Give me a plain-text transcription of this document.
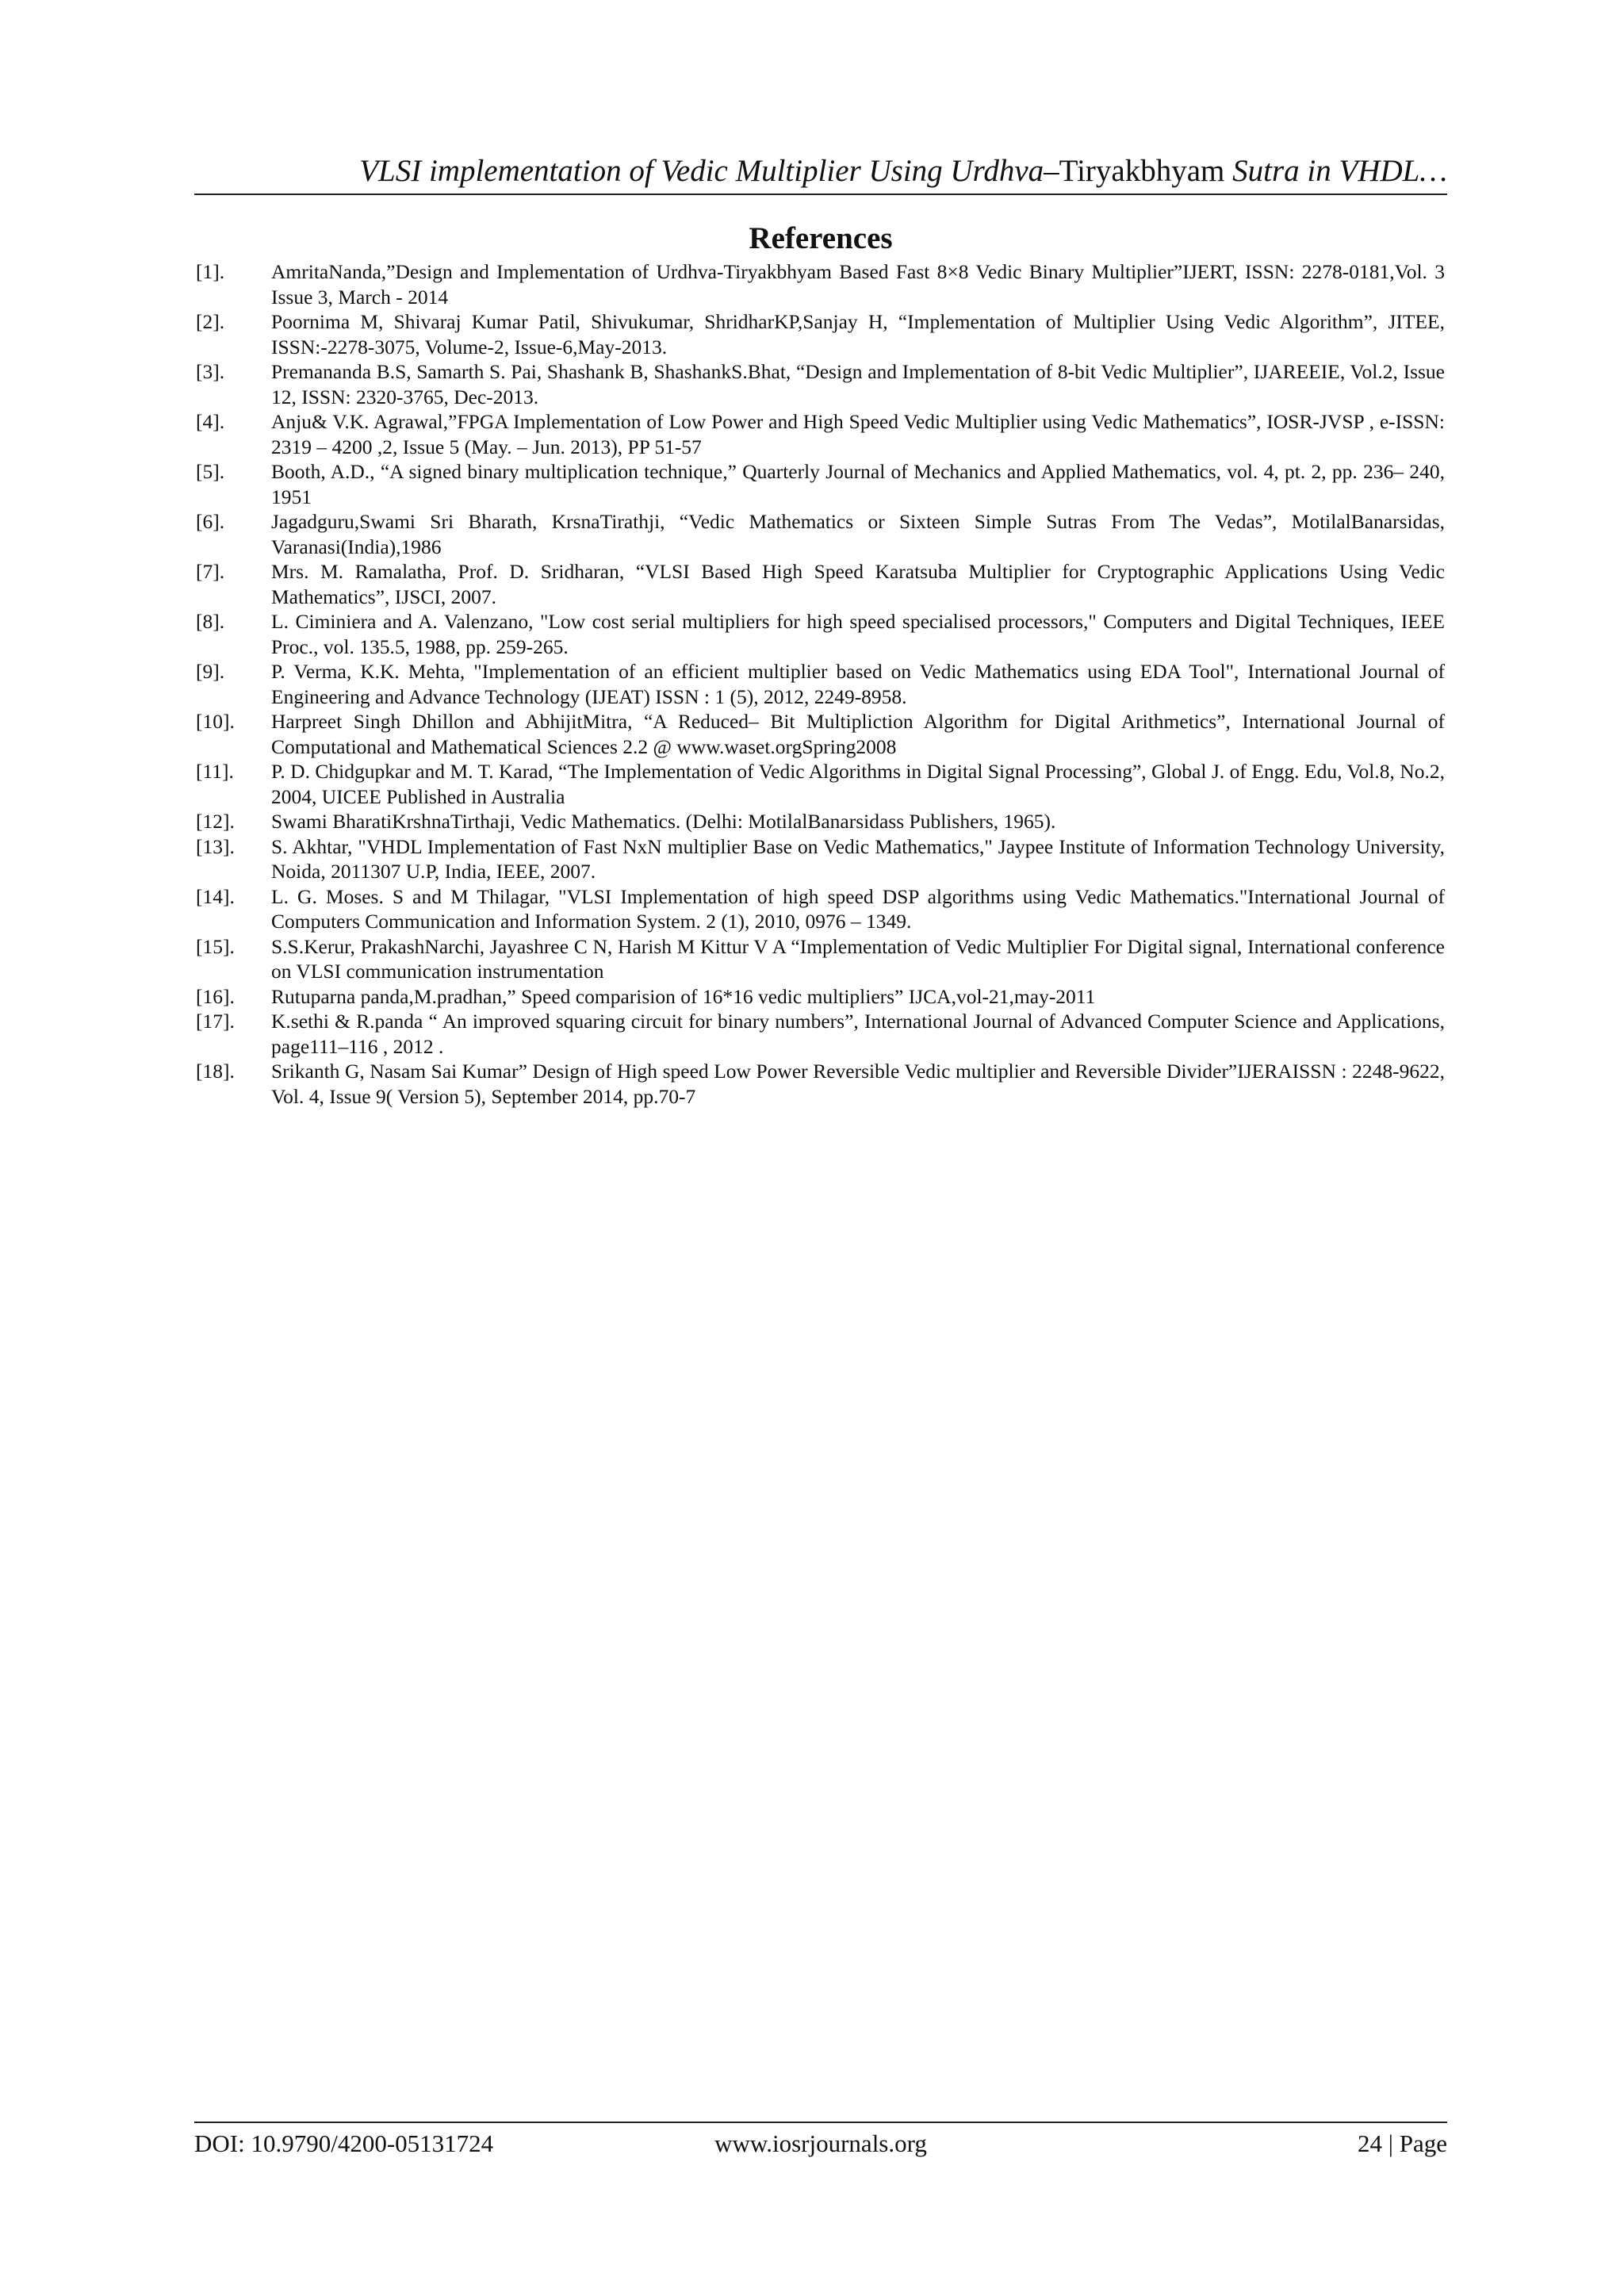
VLSI implementation of Vedic Multiplier Using Urdhva–Tiryakbhyam Sutra in VHDL…
References
[1].	AmritaNanda,”Design and Implementation of Urdhva-Tiryakbhyam Based Fast 8×8 Vedic Binary Multiplier”IJERT, ISSN: 2278-0181,Vol. 3 Issue 3, March - 2014
[2].	Poornima M, Shivaraj Kumar Patil, Shivukumar, ShridharKP,Sanjay H, “Implementation of Multiplier Using Vedic Algorithm”, JITEE, ISSN:-2278-3075, Volume-2, Issue-6,May-2013.
[3].	Premananda B.S, Samarth S. Pai, Shashank B, ShashankS.Bhat, “Design and Implementation of 8-bit Vedic Multiplier”, IJAREEIE, Vol.2, Issue 12, ISSN: 2320-3765, Dec-2013.
[4].	Anju& V.K. Agrawal,”FPGA Implementation of Low Power and High Speed Vedic Multiplier using Vedic Mathematics”, IOSR-JVSP , e-ISSN: 2319 – 4200 ,2, Issue 5 (May. – Jun. 2013), PP 51-57
[5].	Booth, A.D., “A signed binary multiplication technique,” Quarterly Journal of Mechanics and Applied Mathematics, vol. 4, pt. 2, pp. 236– 240, 1951
[6].	Jagadguru,Swami Sri Bharath, KrsnaTirathji, “Vedic Mathematics or Sixteen Simple Sutras From The Vedas”, MotilalBanarsidas, Varanasi(India),1986
[7].	Mrs. M. Ramalatha, Prof. D. Sridharan, “VLSI Based High Speed Karatsuba Multiplier for Cryptographic Applications Using Vedic Mathematics”, IJSCI, 2007.
[8].	L. Ciminiera and A. Valenzano, "Low cost serial multipliers for high speed specialised processors," Computers and Digital Techniques, IEEE Proc., vol. 135.5, 1988, pp. 259-265.
[9].	P. Verma, K.K. Mehta, "Implementation of an efficient multiplier based on Vedic Mathematics using EDA Tool", International Journal of Engineering and Advance Technology (IJEAT) ISSN : 1 (5), 2012, 2249-8958.
[10].	Harpreet Singh Dhillon and AbhijitMitra, “A Reduced– Bit Multipliction Algorithm for Digital Arithmetics”, International Journal of Computational and Mathematical Sciences 2.2 @ www.waset.orgSpring2008
[11].	P. D. Chidgupkar and M. T. Karad, “The Implementation of Vedic Algorithms in Digital Signal Processing”, Global J. of Engg. Edu, Vol.8, No.2, 2004, UICEE Published in Australia
[12].	Swami BharatiKrshnaTirthaji, Vedic Mathematics. (Delhi: MotilalBanarsidass Publishers, 1965).
[13].	S. Akhtar, "VHDL Implementation of Fast NxN multiplier Base on Vedic Mathematics," Jaypee Institute of Information Technology University, Noida, 2011307 U.P, India, IEEE, 2007.
[14].	L. G. Moses. S and M Thilagar, "VLSI Implementation of high speed DSP algorithms using Vedic Mathematics."International Journal of Computers Communication and Information System. 2 (1), 2010, 0976 – 1349.
[15].	S.S.Kerur, PrakashNarchi, Jayashree C N, Harish M Kittur V A “Implementation of Vedic Multiplier For Digital signal, International conference on VLSI communication instrumentation
[16].	Rutuparna panda,M.pradhan,” Speed comparision of 16*16 vedic multipliers” IJCA,vol-21,may-2011
[17].	K.sethi & R.panda “ An improved squaring circuit for binary numbers”, International Journal of Advanced Computer Science and Applications, page111–116 , 2012 .
[18].	Srikanth G, Nasam Sai Kumar” Design of High speed Low Power Reversible Vedic multiplier and Reversible Divider”IJERAISSN : 2248-9622, Vol. 4, Issue 9( Version 5), September 2014, pp.70-7
DOI: 10.9790/4200-05131724	www.iosrjournals.org	24 | Page
